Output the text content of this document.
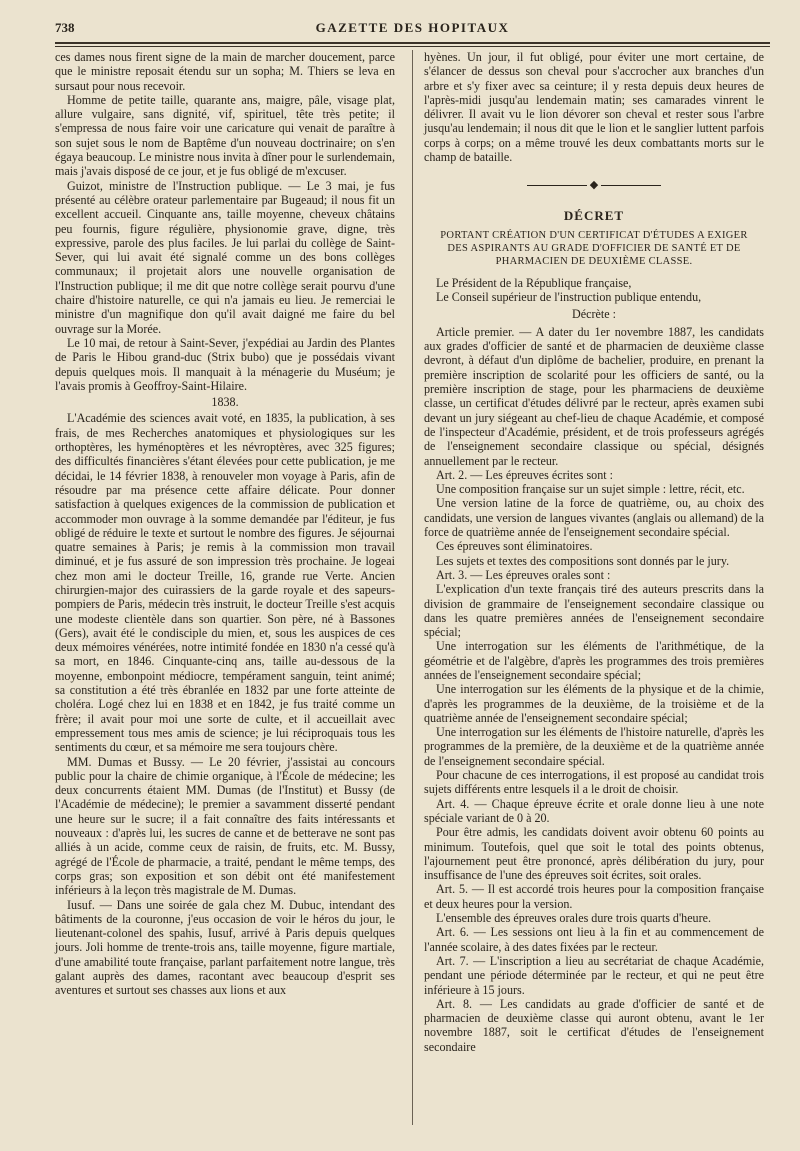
738	GAZETTE DES HOPITAUX

ces dames nous firent signe de la main de marcher doucement, parce que le ministre reposait étendu sur un sopha; M. Thiers se leva en sursaut pour nous recevoir.

Homme de petite taille, quarante ans, maigre, pâle, visage plat, allure vulgaire, sans dignité, vif, spirituel, tête très petite; il s'empressa de nous faire voir une caricature qui venait de paraître à son sujet sous le nom de Baptême d'un nouveau doctrinaire; on s'en égaya beaucoup. Le ministre nous invita à dîner pour le surlendemain, mais j'avais disposé de ce jour, et je fus obligé de m'excuser.

Guizot, ministre de l'Instruction publique. — Le 3 mai, je fus présenté au célèbre orateur parlementaire par Bugeaud; il nous fit un excellent accueil. Cinquante ans, taille moyenne, cheveux châtains peu fournis, figure régulière, physionomie grave, digne, très expressive, parole des plus faciles. Je lui parlai du collège de Saint-Sever, qui lui avait été signalé comme un des bons collèges communaux; il projetait alors une nouvelle organisation de l'Instruction publique; il me dit que notre collège serait pourvu d'une chaire d'histoire naturelle, ce qui n'a jamais eu lieu. Je remerciai le ministre d'un magnifique don qu'il avait daigné me faire du bel ouvrage sur la Morée.

Le 10 mai, de retour à Saint-Sever, j'expédiai au Jardin des Plantes de Paris le Hibou grand-duc (Strix bubo) que je possédais vivant depuis quelques mois. Il manquait à la ménagerie du Muséum; je l'avais promis à Geoffroy-Saint-Hilaire.

1838.

L'Académie des sciences avait voté, en 1835, la publication, à ses frais, de mes Recherches anatomiques et physiologiques sur les orthoptères, les hyménoptères et les névroptères, avec 325 figures; des difficultés financières s'étant élevées pour cette publication, je me décidai, le 14 février 1838, à renouveler mon voyage à Paris, afin de résoudre par ma présence cette affaire délicate. Pour donner satisfaction à quelques exigences de la commission de publication et accommoder mon ouvrage à la somme demandée par l'éditeur, je fus obligé de réduire le texte et surtout le nombre des figures. Je séjournai quatre semaines à Paris; je remis à la commission mon travail diminué, et je fus assuré de son impression très prochaine. Je logeai chez mon ami le docteur Treille, 16, grande rue Verte. Ancien chirurgien-major des cuirassiers de la garde royale et des sapeurs-pompiers de Paris, médecin très instruit, le docteur Treille s'est acquis une modeste clientèle dans son quartier. Son père, né à Bassones (Gers), avait été le condisciple du mien, et, sous les auspices de ces deux mémoires vénérées, notre intimité fondée en 1830 n'a cessé qu'à sa mort, en 1846. Cinquante-cinq ans, taille au-dessous de la moyenne, embonpoint médiocre, tempérament sanguin, teint animé; sa constitution a été très ébranlée en 1832 par une forte atteinte de choléra. Logé chez lui en 1838 et en 1842, je fus traité comme un frère; il avait pour moi une sorte de culte, et il accueillait avec empressement tous mes amis de science; je lui réciproquais tous les sentiments du cœur, et sa mémoire me sera toujours chère.

MM. Dumas et Bussy. — Le 20 février, j'assistai au concours public pour la chaire de chimie organique, à l'École de médecine; les deux concurrents étaient MM. Dumas (de l'Institut) et Bussy (de l'Académie de médecine); le premier a savamment disserté pendant une heure sur le sucre; il a fait connaître des faits intéressants et nouveaux : d'après lui, les sucres de canne et de betterave ne sont pas alliés à un acide, comme ceux de raisin, de fruits, etc. M. Bussy, agrégé de l'École de pharmacie, a traité, pendant le même temps, des corps gras; son exposition et son débit ont été manifestement inférieurs à la leçon très magistrale de M. Dumas.

Iusuf. — Dans une soirée de gala chez M. Dubuc, intendant des bâtiments de la couronne, j'eus occasion de voir le héros du jour, le lieutenant-colonel des spahis, Iusuf, arrivé à Paris depuis quelques jours. Joli homme de trente-trois ans, taille moyenne, figure martiale, d'une amabilité toute française, parlant parfaitement notre langue, très galant auprès des dames, racontant avec beaucoup d'esprit ses aventures et surtout ses chasses aux lions et aux

hyènes. Un jour, il fut obligé, pour éviter une mort certaine, de s'élancer de dessus son cheval pour s'accrocher aux branches d'un arbre et s'y fixer avec sa ceinture; il y resta depuis deux heures de l'après-midi jusqu'au lendemain matin; ses camarades vinrent le délivrer. Il avait vu le lion dévorer son cheval et rester sous l'arbre jusqu'au lendemain; il nous dit que le lion et le sanglier luttent parfois corps à corps; on a même trouvé les deux combattants morts sur le champ de bataille.

◆
DÉCRET
PORTANT CRÉATION D'UN CERTIFICAT D'ÉTUDES A EXIGER DES ASPIRANTS AU GRADE D'OFFICIER DE SANTÉ ET DE PHARMACIEN DE DEUXIÈME CLASSE.

Le Président de la République française,

Le Conseil supérieur de l'instruction publique entendu,

Décrète :

Article premier. — A dater du 1er novembre 1887, les candidats aux grades d'officier de santé et de pharmacien de deuxième classe devront, à défaut d'un diplôme de bachelier, produire, en prenant la première inscription de scolarité pour les officiers de santé, ou la première inscription de stage, pour les pharmaciens de deuxième classe, un certificat d'études délivré par le recteur, après examen subi devant un jury siégeant au chef-lieu de chaque Académie, et composé de l'inspecteur d'Académie, président, et de trois professeurs agrégés de l'enseignement secondaire classique ou spécial, désignés annuellement par le recteur.

Art. 2. — Les épreuves écrites sont :

Une composition française sur un sujet simple : lettre, récit, etc.

Une version latine de la force de quatrième, ou, au choix des candidats, une version de langues vivantes (anglais ou allemand) de la force de quatrième année de l'enseignement secondaire spécial.

Ces épreuves sont éliminatoires.

Les sujets et textes des compositions sont donnés par le jury.

Art. 3. — Les épreuves orales sont :

L'explication d'un texte français tiré des auteurs prescrits dans la division de grammaire de l'enseignement secondaire classique ou dans les quatre premières années de l'enseignement secondaire spécial;

Une interrogation sur les éléments de l'arithmétique, de la géométrie et de l'algèbre, d'après les programmes des trois premières années de l'enseignement secondaire spécial;

Une interrogation sur les éléments de la physique et de la chimie, d'après les programmes de la deuxième, de la troisième et de la quatrième année de l'enseignement secondaire spécial;

Une interrogation sur les éléments de l'histoire naturelle, d'après les programmes de la première, de la deuxième et de la quatrième année de l'enseignement secondaire spécial.

Pour chacune de ces interrogations, il est proposé au candidat trois sujets différents entre lesquels il a le droit de choisir.

Art. 4. — Chaque épreuve écrite et orale donne lieu à une note spéciale variant de 0 à 20.

Pour être admis, les candidats doivent avoir obtenu 60 points au minimum. Toutefois, quel que soit le total des points obtenus, l'ajournement peut être prononcé, après délibération du jury, pour insuffisance de l'une des épreuves soit écrites, soit orales.

Art. 5. — Il est accordé trois heures pour la composition française et deux heures pour la version.

L'ensemble des épreuves orales dure trois quarts d'heure.

Art. 6. — Les sessions ont lieu à la fin et au commencement de l'année scolaire, à des dates fixées par le recteur.

Art. 7. — L'inscription a lieu au secrétariat de chaque Académie, pendant une période déterminée par le recteur, et qui ne peut être inférieure à 15 jours.

Art. 8. — Les candidats au grade d'officier de santé et de pharmacien de deuxième classe qui auront obtenu, avant le 1er novembre 1887, soit le certificat d'études de l'enseignement secondaire
